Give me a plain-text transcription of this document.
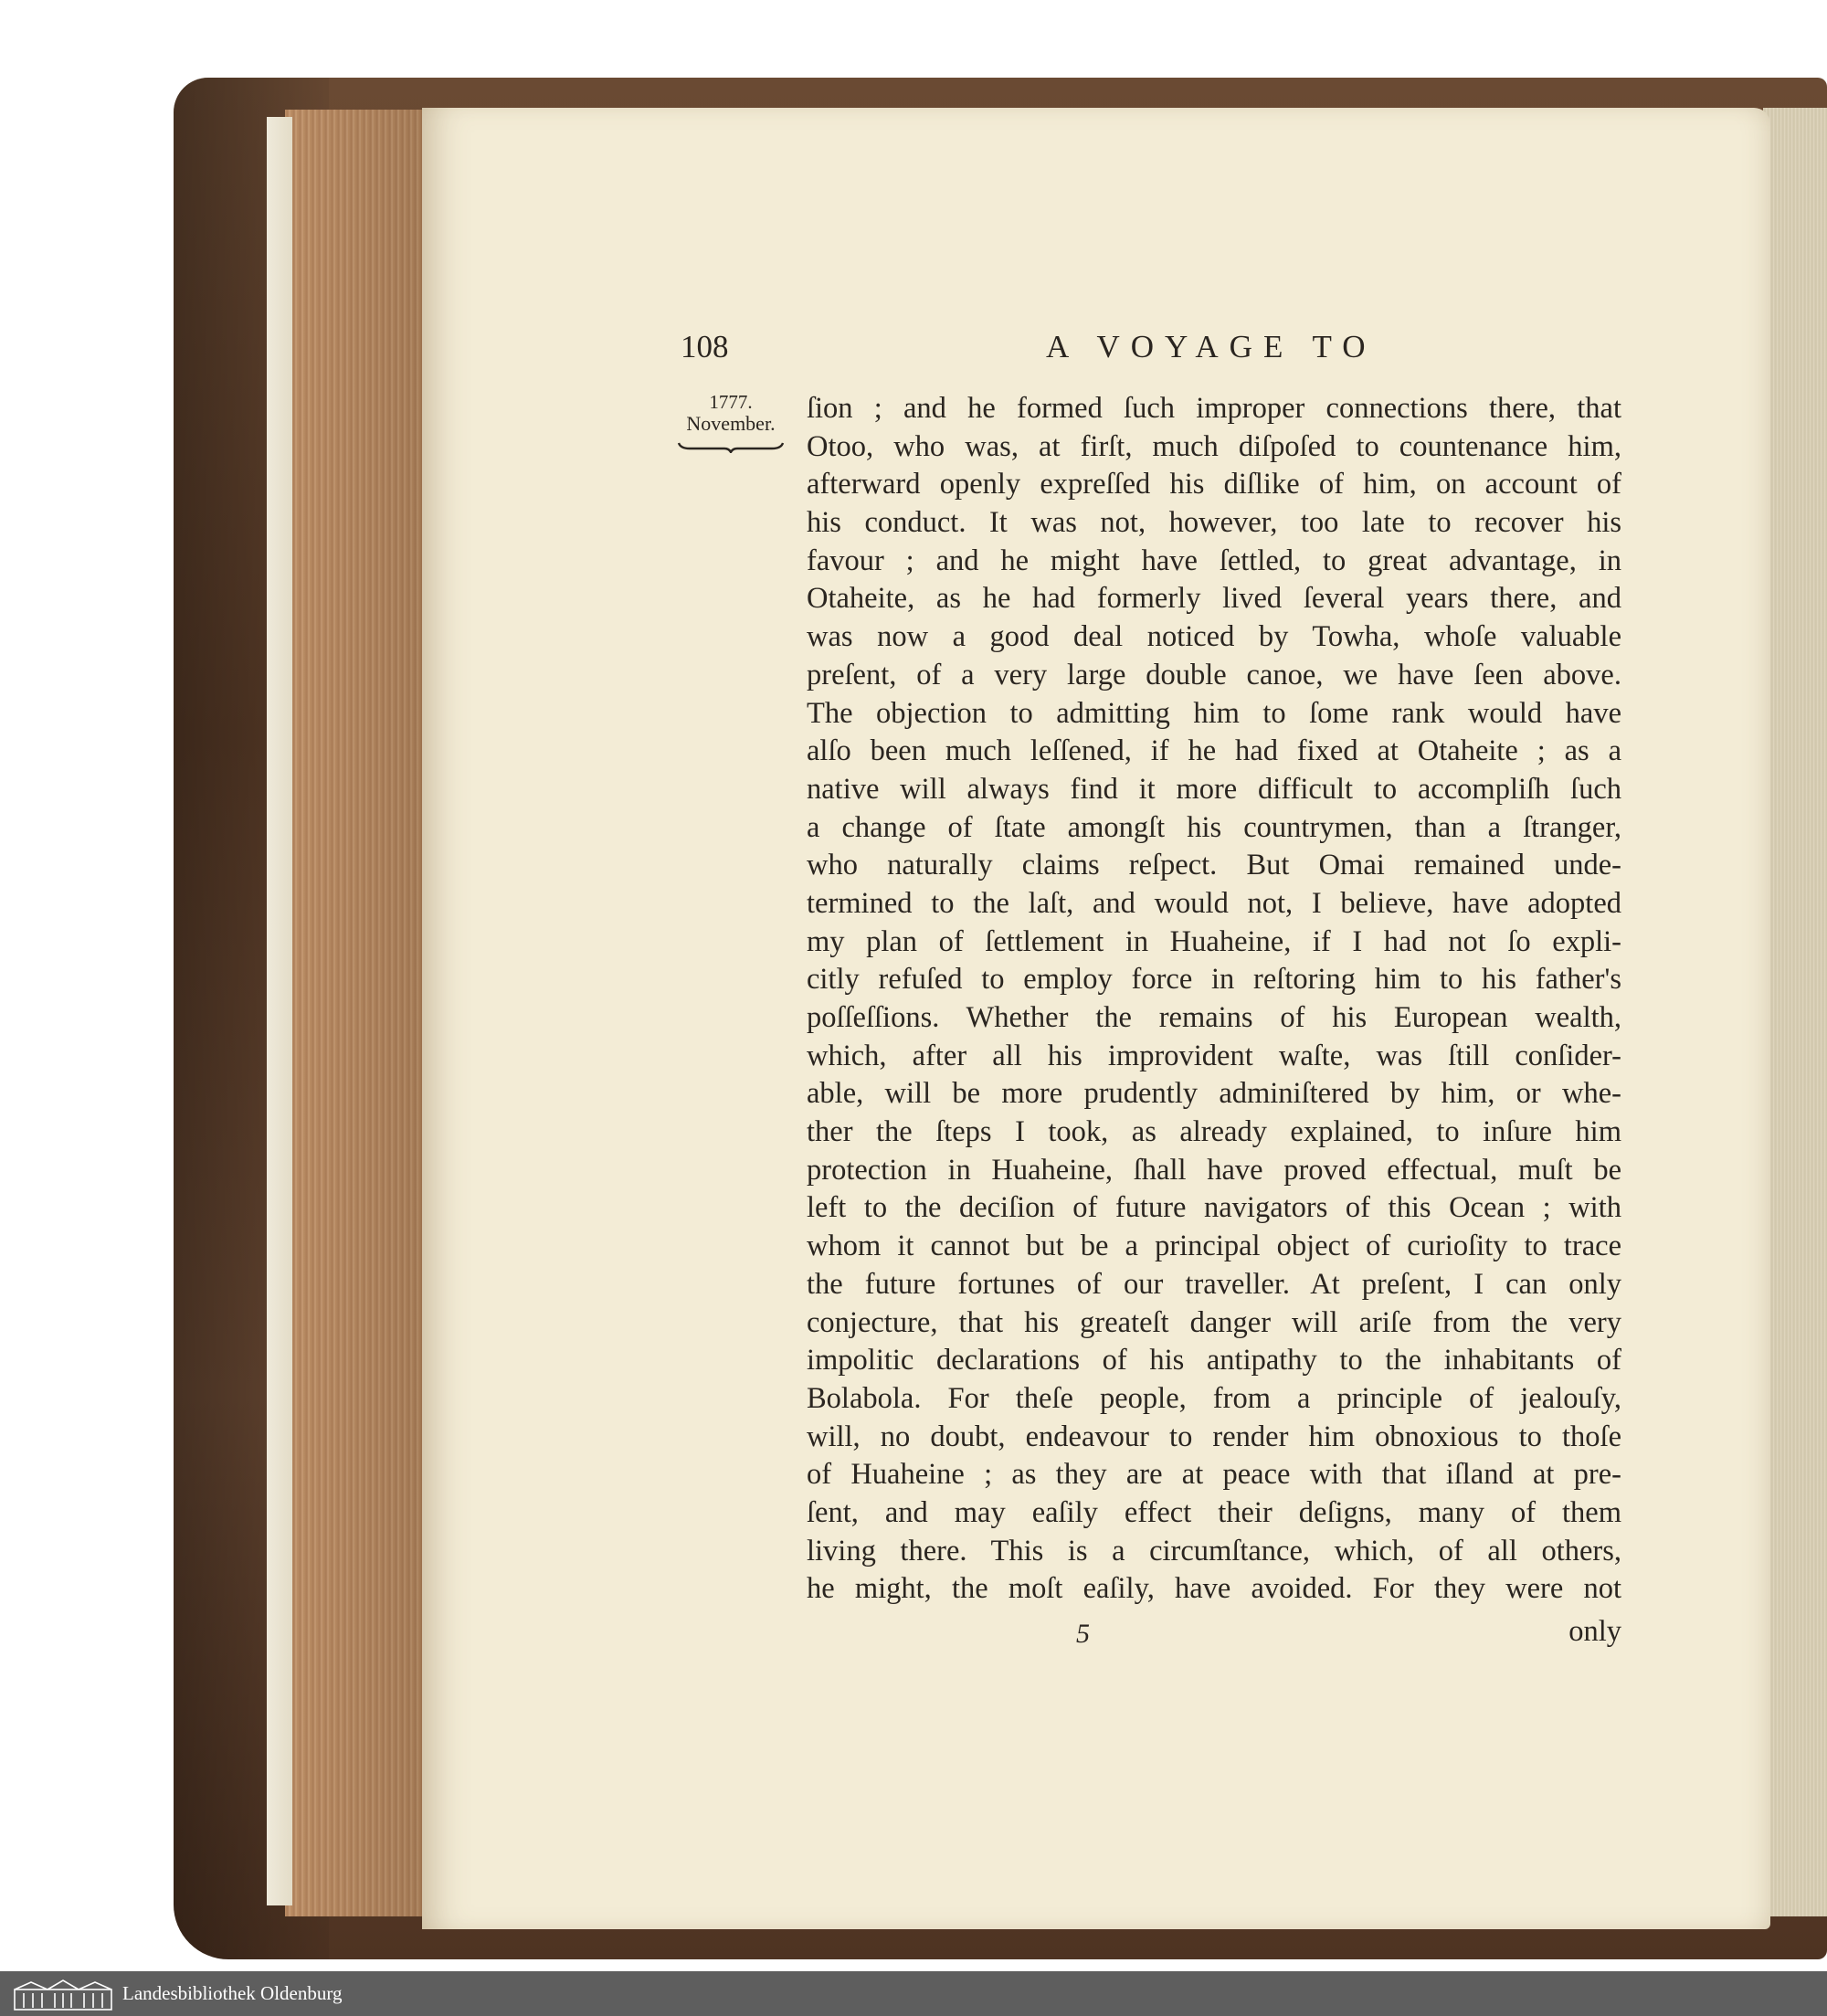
108	A VOYAGE TO
1777.
November.	ſion ; and he formed ſuch improper connections there, that
Otoo, who was, at firſt, much diſpoſed to countenance him,
afterward openly expreſſed his diſlike of him, on account of
his conduct. It was not, however, too late to recover his
favour ; and he might have ſettled, to great advantage, in
Otaheite, as he had formerly lived ſeveral years there, and
was now a good deal noticed by Towha, whoſe valuable
preſent, of a very large double canoe, we have ſeen above.
The objection to admitting him to ſome rank would have
alſo been much leſſened, if he had fixed at Otaheite ; as a
native will always find it more difficult to accompliſh ſuch
a change of ſtate amongſt his countrymen, than a ſtranger,
who naturally claims reſpect. But Omai remained unde-
termined to the laſt, and would not, I believe, have adopted
my plan of ſettlement in Huaheine, if I had not ſo expli-
citly refuſed to employ force in reſtoring him to his father's
poſſeſſions. Whether the remains of his European wealth,
which, after all his improvident waſte, was ſtill conſider-
able, will be more prudently adminiſtered by him, or whe-
ther the ſteps I took, as already explained, to inſure him
protection in Huaheine, ſhall have proved effectual, muſt be
left to the deciſion of future navigators of this Ocean ; with
whom it cannot but be a principal object of curioſity to trace
the future fortunes of our traveller. At preſent, I can only
conjecture, that his greateſt danger will ariſe from the very
impolitic declarations of his antipathy to the inhabitants of
Bolabola. For theſe people, from a principle of jealouſy,
will, no doubt, endeavour to render him obnoxious to thoſe
of Huaheine ; as they are at peace with that iſland at pre-
ſent, and may eaſily effect their deſigns, many of them
living there. This is a circumſtance, which, of all others,
he might, the moſt eaſily, have avoided. For they were not
5	only
Landesbibliothek Oldenburg
